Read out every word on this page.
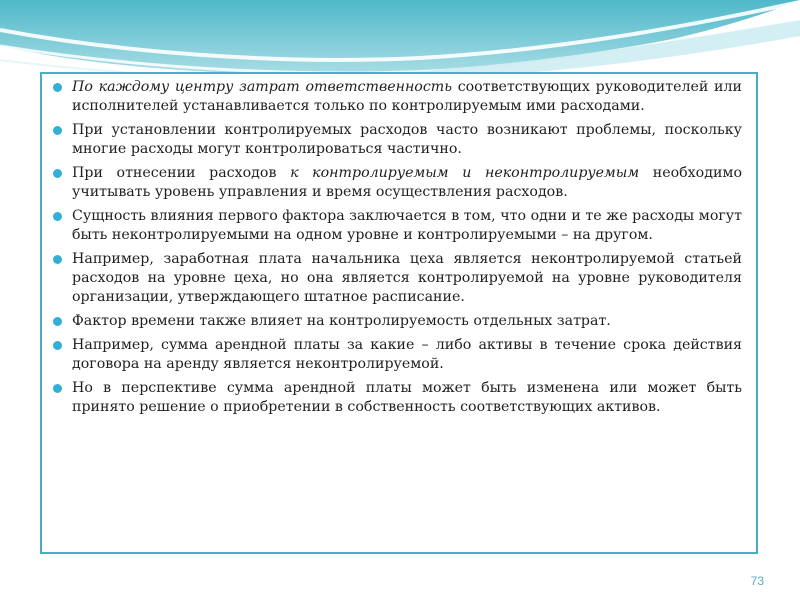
По каждому центру затрат ответственность соответствующих руководителей или исполнителей устанавливается только по контролируемым ими расходами.
При установлении контролируемых расходов часто возникают проблемы, поскольку многие расходы могут контролироваться частично.
При отнесении расходов к контролируемым и неконтролируемым необходимо учитывать уровень управления и время осуществления расходов.
Сущность влияния первого фактора заключается в том, что одни и те же расходы могут быть неконтролируемыми на одном уровне и контролируемыми – на другом.
Например, заработная плата начальника цеха является неконтролируемой статьей расходов на уровне цеха, но она является контролируемой на уровне руководителя организации, утверждающего штатное расписание.
Фактор времени также влияет на контролируемость отдельных затрат.
Например, сумма арендной платы за какие – либо активы в течение срока действия договора на аренду является неконтролируемой.
Но в перспективе сумма арендной платы может быть изменена или может быть принято решение о приобретении в собственность соответствующих активов.
73
